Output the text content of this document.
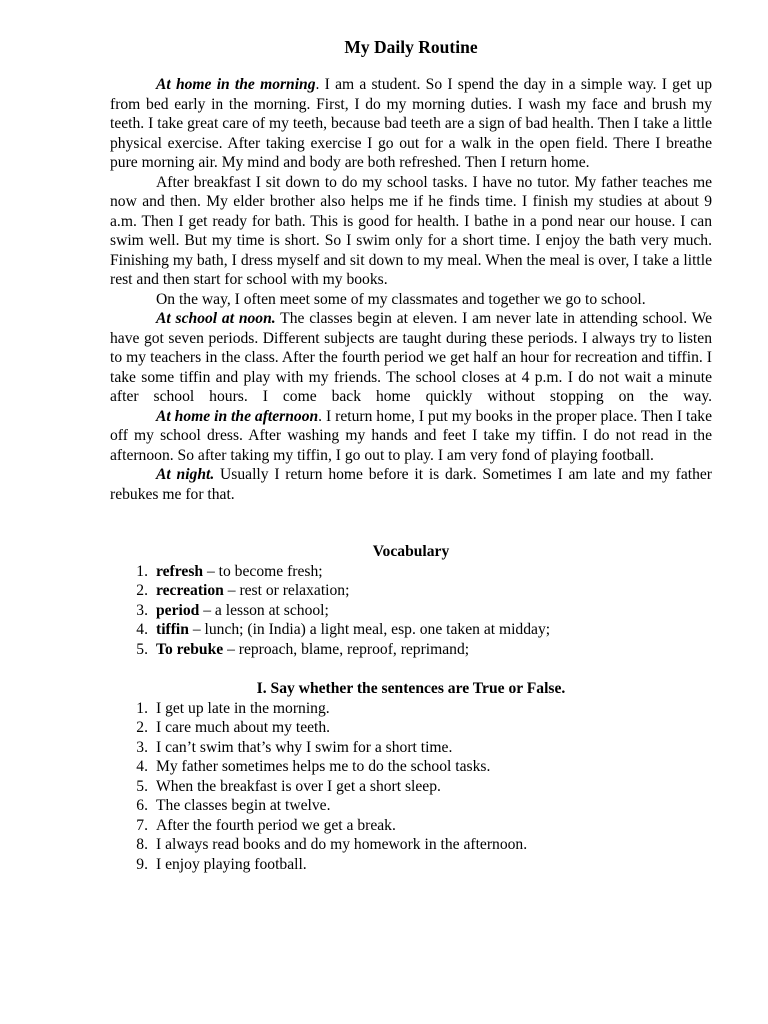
My Daily Routine

At home in the morning. I am a student. So I spend the day in a simple way. I get up from bed early in the morning. First, I do my morning duties. I wash my face and brush my teeth. I take great care of my teeth, because bad teeth are a sign of bad health. Then I take a little physical exercise. After taking exercise I go out for a walk in the open field. There I breathe pure morning air. My mind and body are both refreshed. Then I return home.

After breakfast I sit down to do my school tasks. I have no tutor. My father teaches me now and then. My elder brother also helps me if he finds time. I finish my studies at about 9 a.m. Then I get ready for bath. This is good for health. I bathe in a pond near our house. I can swim well. But my time is short. So I swim only for a short time. I enjoy the bath very much. Finishing my bath, I dress myself and sit down to my meal. When the meal is over, I take a little rest and then start for school with my books.

On the way, I often meet some of my classmates and together we go to school.

At school at noon. The classes begin at eleven. I am never late in attending school. We have got seven periods. Different subjects are taught during these periods. I always try to listen to my teachers in the class. After the fourth period we get half an hour for recreation and tiffin. I take some tiffin and play with my friends. The school closes at 4 p.m. I do not wait a minute after school hours. I come back home quickly without stopping on the way.

At home in the afternoon. I return home, I put my books in the proper place. Then I take off my school dress. After washing my hands and feet I take my tiffin. I do not read in the afternoon. So after taking my tiffin, I go out to play. I am very fond of playing football.

At night. Usually I return home before it is dark. Sometimes I am late and my father rebukes me for that.

Vocabulary
1. refresh – to become fresh;
2. recreation – rest or relaxation;
3. period – a lesson at school;
4. tiffin – lunch; (in India) a light meal, esp. one taken at midday;
5. To rebuke – reproach, blame, reproof, reprimand;
I. Say whether the sentences are True or False.
1. I get up late in the morning.
2. I care much about my teeth.
3. I can’t swim that’s why I swim for a short time.
4. My father sometimes helps me to do the school tasks.
5. When the breakfast is over I get a short sleep.
6. The classes begin at twelve.
7. After the fourth period we get a break.
8. I always read books and do my homework in the afternoon.
9. I enjoy playing football.
